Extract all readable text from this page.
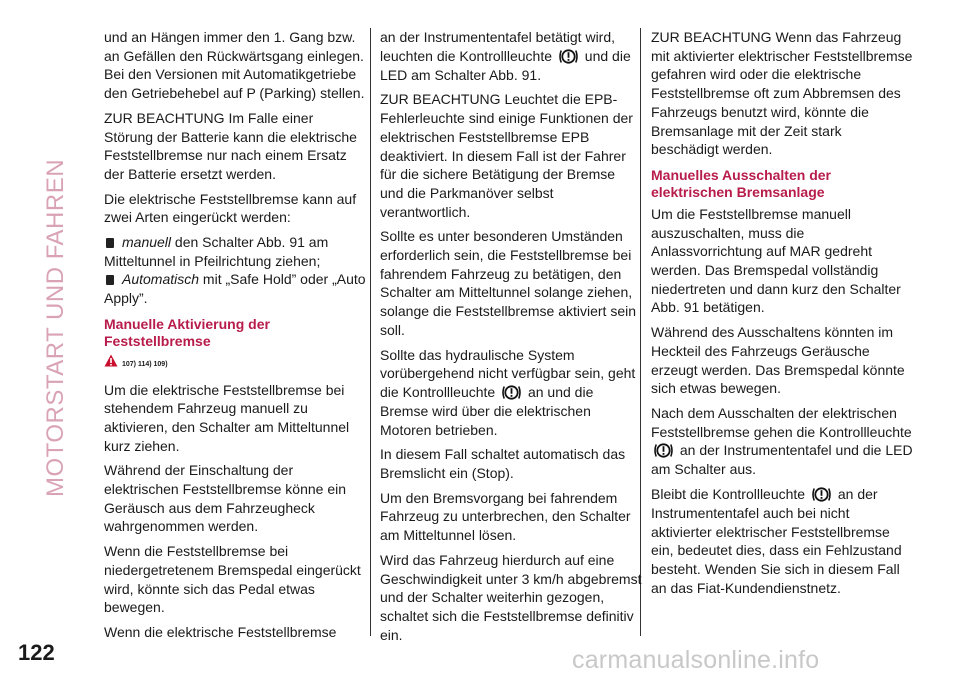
MOTORSTART UND FAHREN
122

und an Hängen immer den 1. Gang bzw. an Gefällen den Rückwärtsgang einlegen. Bei den Versionen mit Automatikgetriebe den Getriebehebel auf P (Parking) stellen.

ZUR BEACHTUNG Im Falle einer Störung der Batterie kann die elektrische Feststellbremse nur nach einem Ersatz der Batterie ersetzt werden.

Die elektrische Feststellbremse kann auf zwei Arten eingerückt werden:

manuell den Schalter Abb. 91 am Mitteltunnel in Pfeilrichtung ziehen;
Automatisch mit „Safe Hold” oder „Auto Apply”.
Manuelle Aktivierung der Feststellbremse
107) 114) 109)

Um die elektrische Feststellbremse bei stehendem Fahrzeug manuell zu aktivieren, den Schalter am Mitteltunnel kurz ziehen.

Während der Einschaltung der elektrischen Feststellbremse könne ein Geräusch aus dem Fahrzeugheck wahrgenommen werden.

Wenn die Feststellbremse bei niedergetretenem Bremspedal eingerückt wird, könnte sich das Pedal etwas bewegen.

Wenn die elektrische Feststellbremse

an der Instrumententafel betätigt wird, leuchten die Kontrollleuchte und die LED am Schalter Abb. 91.

ZUR BEACHTUNG Leuchtet die EPB-Fehlerleuchte sind einige Funktionen der elektrischen Feststellbremse EPB deaktiviert. In diesem Fall ist der Fahrer für die sichere Betätigung der Bremse und die Parkmanöver selbst verantwortlich.

Sollte es unter besonderen Umständen erforderlich sein, die Feststellbremse bei fahrendem Fahrzeug zu betätigen, den Schalter am Mitteltunnel solange ziehen, solange die Feststellbremse aktiviert sein soll.

Sollte das hydraulische System vorübergehend nicht verfügbar sein, geht die Kontrollleuchte an und die Bremse wird über die elektrischen Motoren betrieben.

In diesem Fall schaltet automatisch das Bremslicht ein (Stop).

Um den Bremsvorgang bei fahrendem Fahrzeug zu unterbrechen, den Schalter am Mitteltunnel lösen.

Wird das Fahrzeug hierdurch auf eine Geschwindigkeit unter 3 km/h abgebremst und der Schalter weiterhin gezogen, schaltet sich die Feststellbremse definitiv ein.

ZUR BEACHTUNG Wenn das Fahrzeug mit aktivierter elektrischer Feststellbremse gefahren wird oder die elektrische Feststellbremse oft zum Abbremsen des Fahrzeugs benutzt wird, könnte die Bremsanlage mit der Zeit stark beschädigt werden.

Manuelles Ausschalten der elektrischen Bremsanlage

Um die Feststellbremse manuell auszuschalten, muss die Anlassvorrichtung auf MAR gedreht werden. Das Bremspedal vollständig niedertreten und dann kurz den Schalter Abb. 91 betätigen.

Während des Ausschaltens könnten im Heckteil des Fahrzeugs Geräusche erzeugt werden. Das Bremspedal könnte sich etwas bewegen.

Nach dem Ausschalten der elektrischen Feststellbremse gehen die Kontrollleuchte  an der Instrumententafel und die LED am Schalter aus.

Bleibt die Kontrollleuchte an der Instrumententafel auch bei nicht aktivierter elektrischer Feststellbremse ein, bedeutet dies, dass ein Fehlzustand besteht. Wenden Sie sich in diesem Fall an das Fiat-Kundendienstnetz.

carmanualsonline.info
